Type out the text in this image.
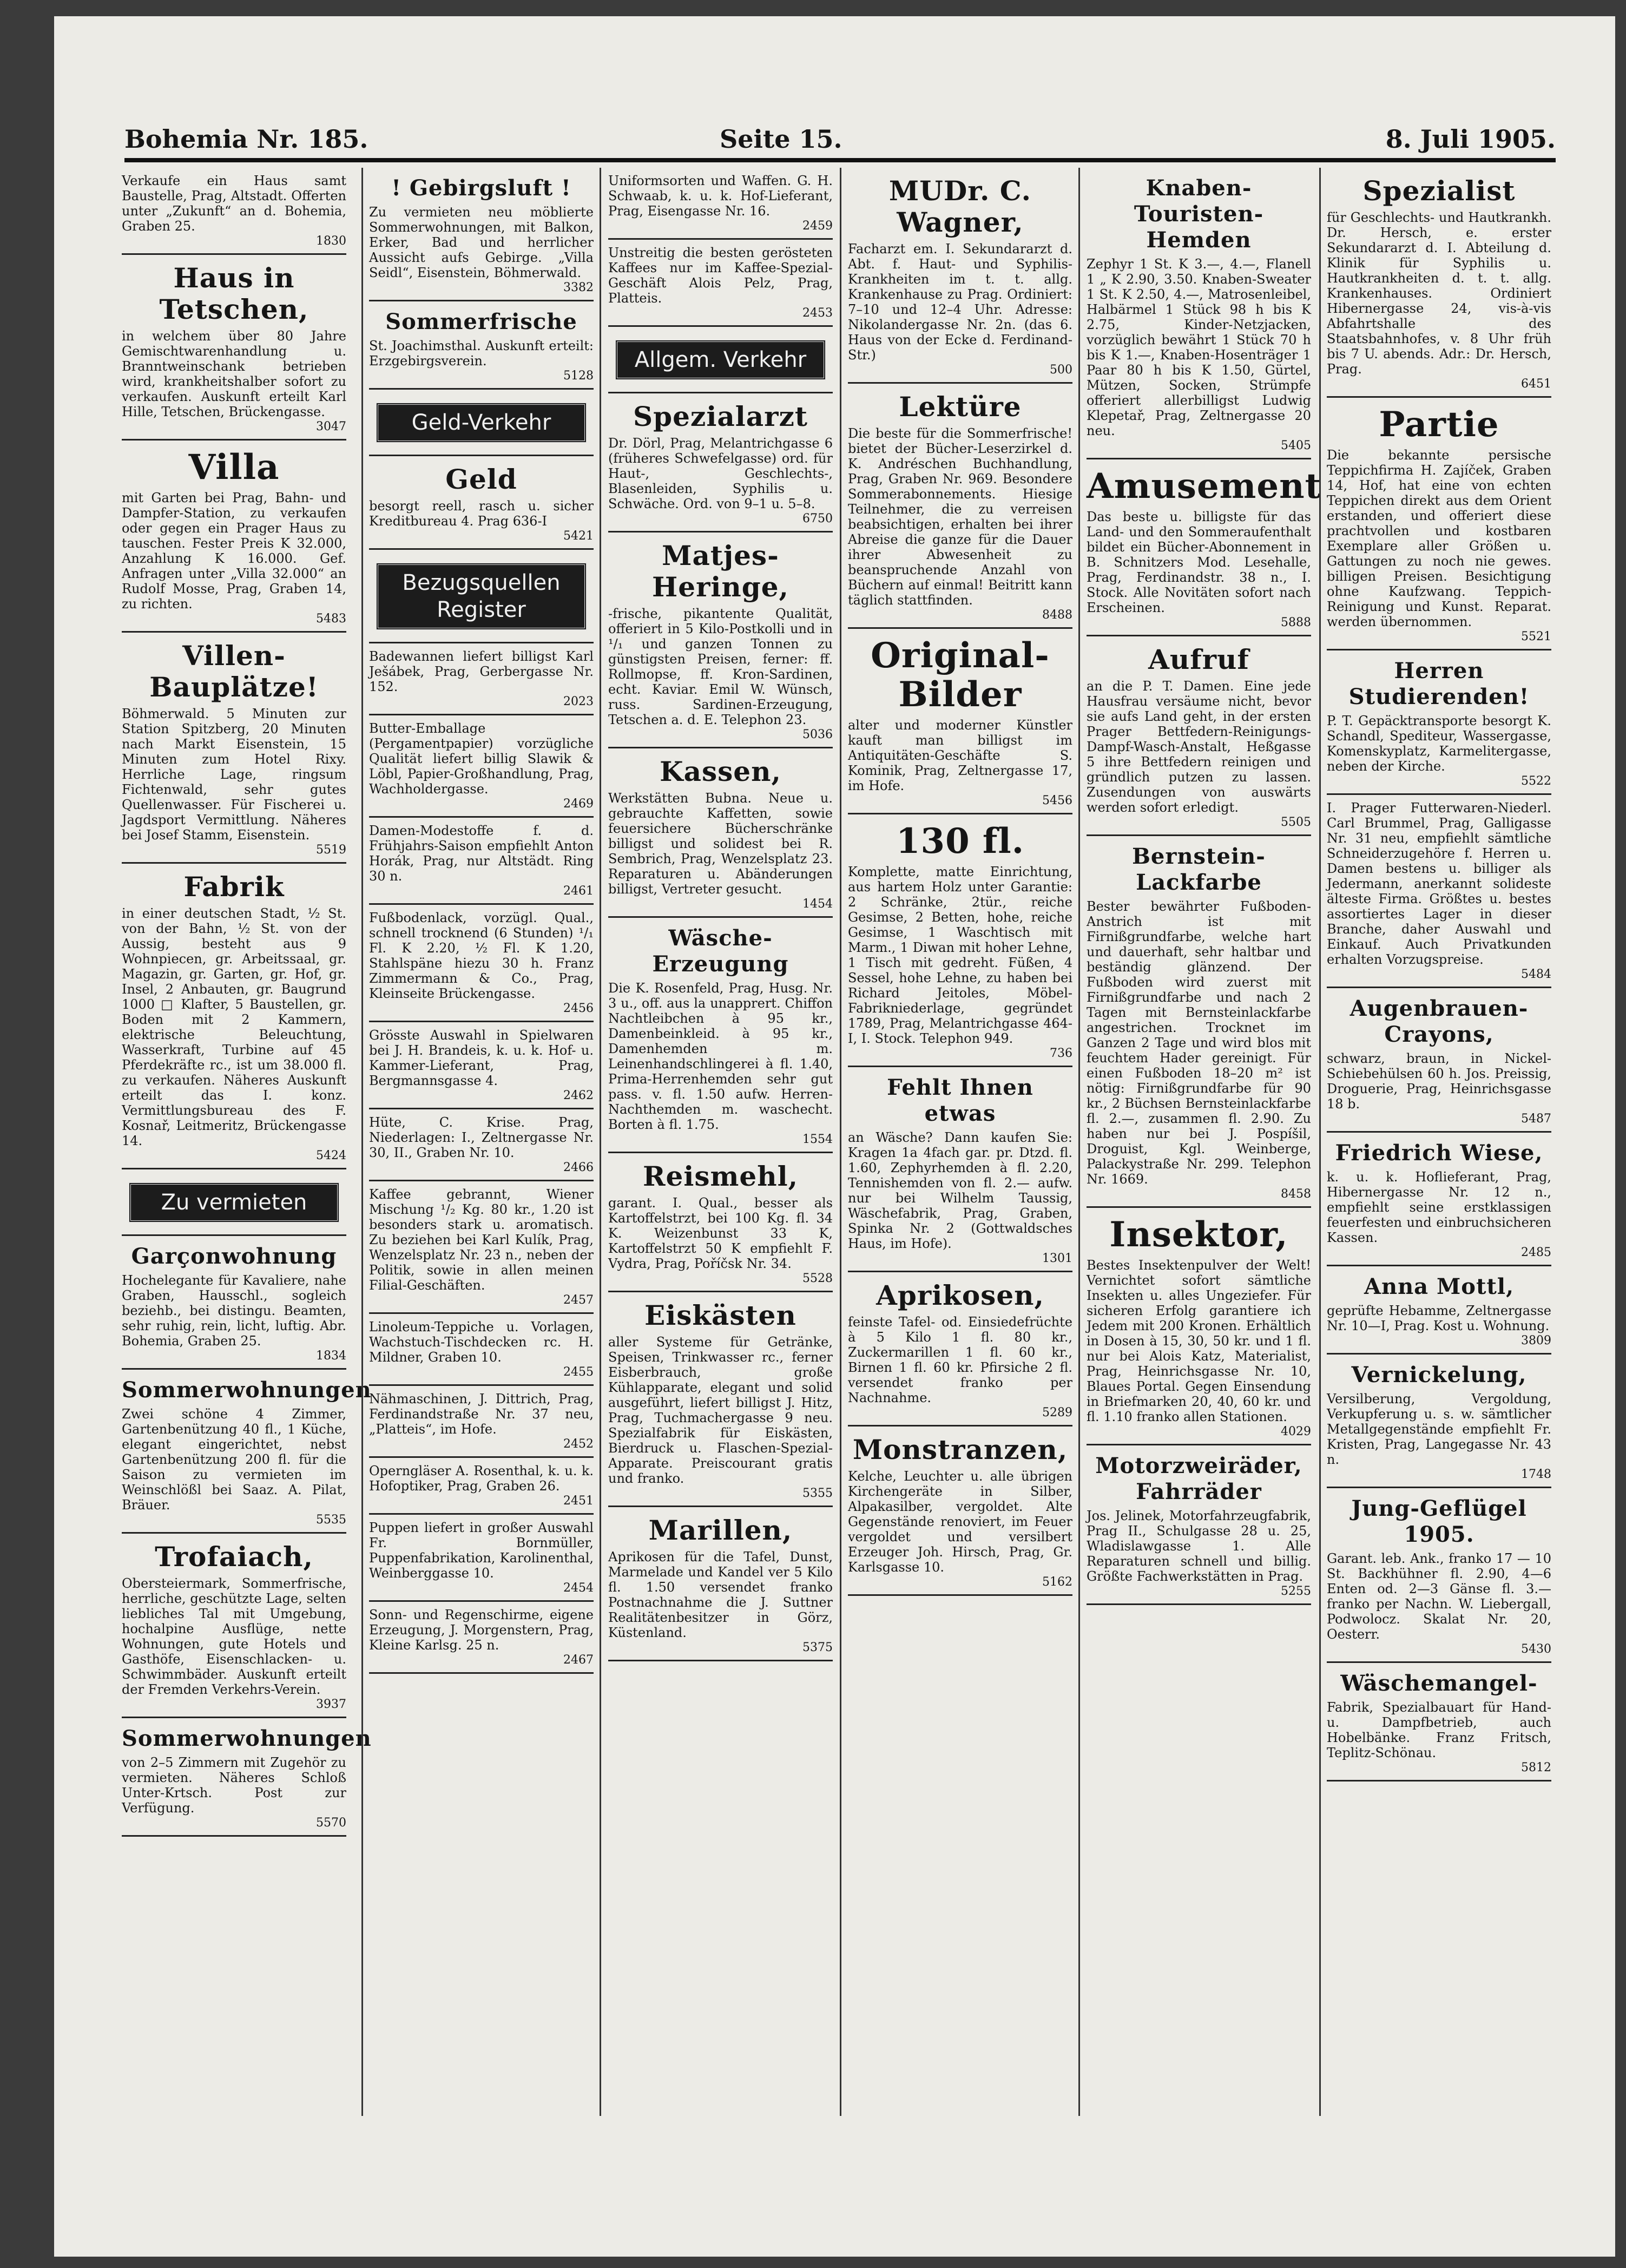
Bohemia Nr. 185.	Seite 15.	8. Juli 1905.
Verkaufe ein Haus samt Baustelle, Prag, Altstadt. Offerten unter „Zukunft“ an d. Bohemia, Graben 25.
1830
Haus in Tetschen,
in welchem über 80 Jahre Gemischtwarenhandlung u. Branntweinschank betrieben wird, krankheitshalber sofort zu verkaufen. Auskunft erteilt Karl Hille, Tetschen, Brückengasse.
3047
Villa
mit Garten bei Prag, Bahn- und Dampfer-Station, zu verkaufen oder gegen ein Prager Haus zu tauschen. Fester Preis K 32.000, Anzahlung K 16.000. Gef. Anfragen unter „Villa 32.000“ an Rudolf Mosse, Prag, Graben 14, zu richten.
5483
Villen-Bauplätze!
Böhmerwald. 5 Minuten zur Station Spitzberg, 20 Minuten nach Markt Eisenstein, 15 Minuten zum Hotel Rixy. Herrliche Lage, ringsum Fichtenwald, sehr gutes Quellenwasser. Für Fischerei u. Jagdsport Vermittlung. Näheres bei Josef Stamm, Eisenstein.
5519
Fabrik
in einer deutschen Stadt, ½ St. von der Bahn, ½ St. von der Aussig, besteht aus 9 Wohnpiecen, gr. Arbeitssaal, gr. Magazin, gr. Garten, gr. Hof, gr. Insel, 2 Anbauten, gr. Baugrund 1000 □ Klafter, 5 Baustellen, gr. Boden mit 2 Kammern, elektrische Beleuchtung, Wasserkraft, Turbine auf 45 Pferdekräfte rc., ist um 38.000 fl. zu verkaufen. Näheres Auskunft erteilt das I. konz. Vermittlungsbureau des F. Kosnař, Leitmeritz, Brückengasse 14.
5424
Zu vermieten
Garçonwohnung
Hochelegante für Kavaliere, nahe Graben, Hausschl., sogleich beziehb., bei distingu. Beamten, sehr ruhig, rein, licht, luftig. Abr. Bohemia, Graben 25.
1834
Sommerwohnungen
Zwei schöne 4 Zimmer, Gartenbenützung 40 fl., 1 Küche, elegant eingerichtet, nebst Gartenbenützung 200 fl. für die Saison zu vermieten im Weinschlößl bei Saaz. A. Pilat, Bräuer.
5535
Trofaiach,
Obersteiermark, Sommerfrische, herrliche, geschützte Lage, selten liebliches Tal mit Umgebung, hochalpine Ausflüge, nette Wohnungen, gute Hotels und Gasthöfe, Eisenschlacken- u. Schwimmbäder. Auskunft erteilt der Fremden Verkehrs-Verein.
3937
Sommerwohnungen
von 2–5 Zimmern mit Zugehör zu vermieten. Näheres Schloß Unter-Krtsch. Post zur Verfügung.
5570
! Gebirgsluft !
Zu vermieten neu möblierte Sommerwohnungen, mit Balkon, Erker, Bad und herrlicher Aussicht aufs Gebirge. „Villa Seidl“, Eisenstein, Böhmerwald.
3382
Sommerfrische
St. Joachimsthal. Auskunft erteilt: Erzgebirgsverein.
5128
Geld-Verkehr
Geld
besorgt reell, rasch u. sicher Kreditbureau 4. Prag 636-I
5421
Bezugsquellen Register
Badewannen liefert billigst Karl Ješábek, Prag, Gerbergasse Nr. 152.
2023
Butter-Emballage (Pergamentpapier) vorzügliche Qualität liefert billig Slawik & Löbl, Papier-Großhandlung, Prag, Wachholdergasse.
2469
Damen-Modestoffe f. d. Frühjahrs-Saison empfiehlt Anton Horák, Prag, nur Altstädt. Ring 30 n.
2461
Fußbodenlack, vorzügl. Qual., schnell trocknend (6 Stunden) ¹/₁ Fl. K 2.20, ½ Fl. K 1.20, Stahlspäne hiezu 30 h. Franz Zimmermann & Co., Prag, Kleinseite Brückengasse.
2456
Grösste Auswahl in Spielwaren bei J. H. Brandeis, k. u. k. Hof- u. Kammer-Lieferant, Prag, Bergmannsgasse 4.
2462
Hüte, C. Krise. Prag, Niederlagen: I., Zeltnergasse Nr. 30, II., Graben Nr. 10.
2466
Kaffee gebrannt, Wiener Mischung ¹/₂ Kg. 80 kr., 1.20 ist besonders stark u. aromatisch. Zu beziehen bei Karl Kulík, Prag, Wenzelsplatz Nr. 23 n., neben der Politik, sowie in allen meinen Filial-Geschäften.
2457
Linoleum-Teppiche u. Vorlagen, Wachstuch-Tischdecken rc. H. Mildner, Graben 10.
2455
Nähmaschinen, J. Dittrich, Prag, Ferdinandstraße Nr. 37 neu, „Platteis“, im Hofe.
2452
Operngläser A. Rosenthal, k. u. k. Hofoptiker, Prag, Graben 26.
2451
Puppen liefert in großer Auswahl Fr. Bornmüller, Puppenfabrikation, Karolinenthal, Weinberggasse 10.
2454
Sonn- und Regenschirme, eigene Erzeugung, J. Morgenstern, Prag, Kleine Karlsg. 25 n.
2467
Uniformsorten und Waffen. G. H. Schwaab, k. u. k. Hof-Lieferant, Prag, Eisengasse Nr. 16.
2459
Unstreitig die besten gerösteten Kaffees nur im Kaffee-Spezial-Geschäft Alois Pelz, Prag, Platteis.
2453
Allgem. Verkehr
Spezialarzt
Dr. Dörl, Prag, Melantrichgasse 6 (früheres Schwefelgasse) ord. für Haut-, Geschlechts-, Blasenleiden, Syphilis u. Schwäche. Ord. von 9–1 u. 5–8.
6750
Matjes-Heringe,
-frische, pikantente Qualität, offeriert in 5 Kilo-Postkolli und in ¹/₁ und ganzen Tonnen zu günstigsten Preisen, ferner: ff. Rollmopse, ff. Kron-Sardinen, echt. Kaviar. Emil W. Wünsch, russ. Sardinen-Erzeugung, Tetschen a. d. E. Telephon 23.
5036
Kassen,
Werkstätten Bubna. Neue u. gebrauchte Kaffetten, sowie feuersichere Bücherschränke billigst und solidest bei R. Sembrich, Prag, Wenzelsplatz 23. Reparaturen u. Abänderungen billigst, Vertreter gesucht.
1454
Wäsche-Erzeugung
Die K. Rosenfeld, Prag, Husg. Nr. 3 u., off. aus la unapprert. Chiffon Nachtleibchen à 95 kr., Damenbeinkleid. à 95 kr., Damenhemden m. Leinenhandschlingerei à fl. 1.40, Prima-Herrenhemden sehr gut pass. v. fl. 1.50 aufw. Herren-Nachthemden m. waschecht. Borten à fl. 1.75.
1554
Reismehl,
garant. I. Qual., besser als Kartoffelstrzt, bei 100 Kg. fl. 34 K. Weizenbunst 33 K, Kartoffelstrzt 50 K empfiehlt F. Vydra, Prag, Poříčsk Nr. 34.
5528
Eiskästen
aller Systeme für Getränke, Speisen, Trinkwasser rc., ferner Eisberbrauch, große Kühlapparate, elegant und solid ausgeführt, liefert billigst J. Hitz, Prag, Tuchmachergasse 9 neu. Spezialfabrik für Eiskästen, Bierdruck u. Flaschen-Spezial-Apparate. Preiscourant gratis und franko.
5355
Marillen,
Aprikosen für die Tafel, Dunst, Marmelade und Kandel ver 5 Kilo fl. 1.50 versendet franko Postnachnahme die J. Suttner Realitätenbesitzer in Görz, Küstenland.
5375
MUDr. C. Wagner,
Facharzt em. I. Sekundararzt d. Abt. f. Haut- und Syphilis-Krankheiten im t. t. allg. Krankenhause zu Prag. Ordiniert: 7–10 und 12–4 Uhr. Adresse: Nikolandergasse Nr. 2n. (das 6. Haus von der Ecke d. Ferdinand-Str.)
500
Lektüre
Die beste für die Sommerfrische! bietet der Bücher-Leserzirkel d. K. Andréschen Buchhandlung, Prag, Graben Nr. 969. Besondere Sommerabonnements. Hiesige Teilnehmer, die zu verreisen beabsichtigen, erhalten bei ihrer Abreise die ganze für die Dauer ihrer Abwesenheit zu beanspruchende Anzahl von Büchern auf einmal! Beitritt kann täglich stattfinden.
8488
Original-Bilder
alter und moderner Künstler kauft man billigst im Antiquitäten-Geschäfte S. Kominik, Prag, Zeltnergasse 17, im Hofe.
5456
130 fl.
Komplette, matte Einrichtung, aus hartem Holz unter Garantie: 2 Schränke, 2tür., reiche Gesimse, 2 Betten, hohe, reiche Gesimse, 1 Waschtisch mit Marm., 1 Diwan mit hoher Lehne, 1 Tisch mit gedreht. Füßen, 4 Sessel, hohe Lehne, zu haben bei Richard Jeitoles, Möbel-Fabrikniederlage, gegründet 1789, Prag, Melantrichgasse 464-I, I. Stock. Telephon 949.
736
Fehlt Ihnen etwas
an Wäsche? Dann kaufen Sie: Kragen 1a 4fach gar. pr. Dtzd. fl. 1.60, Zephyrhemden à fl. 2.20, Tennishemden von fl. 2.— aufw. nur bei Wilhelm Taussig, Wäschefabrik, Prag, Graben, Spinka Nr. 2 (Gottwaldsches Haus, im Hofe).
1301
Aprikosen,
feinste Tafel- od. Einsiedefrüchte à 5 Kilo 1 fl. 80 kr., Zuckermarillen 1 fl. 60 kr., Birnen 1 fl. 60 kr. Pfirsiche 2 fl. versendet franko per Nachnahme.
5289
Monstranzen,
Kelche, Leuchter u. alle übrigen Kirchengeräte in Silber, Alpakasilber, vergoldet. Alte Gegenstände renoviert, im Feuer vergoldet und versilbert Erzeuger Joh. Hirsch, Prag, Gr. Karlsgasse 10.
5162
Knaben-Touristen-Hemden
Zephyr 1 St. K 3.—, 4.—, Flanell 1 „ K 2.90, 3.50. Knaben-Sweater 1 St. K 2.50, 4.—, Matrosenleibel, Halbärmel 1 Stück 98 h bis K 2.75, Kinder-Netzjacken, vorzüglich bewährt 1 Stück 70 h bis K 1.—, Knaben-Hosenträger 1 Paar 80 h bis K 1.50, Gürtel, Mützen, Socken, Strümpfe offeriert allerbilligst Ludwig Klepetař, Prag, Zeltnergasse 20 neu.
5405
Amusement
Das beste u. billigste für das Land- und den Sommeraufenthalt bildet ein Bücher-Abonnement in B. Schnitzers Mod. Lesehalle, Prag, Ferdinandstr. 38 n., I. Stock. Alle Novitäten sofort nach Erscheinen.
5888
Aufruf
an die P. T. Damen. Eine jede Hausfrau versäume nicht, bevor sie aufs Land geht, in der ersten Prager Bettfedern-Reinigungs-Dampf-Wasch-Anstalt, Heßgasse 5 ihre Bettfedern reinigen und gründlich putzen zu lassen. Zusendungen von auswärts werden sofort erledigt.
5505
Bernstein-Lackfarbe
Bester bewährter Fußboden-Anstrich ist mit Firnißgrundfarbe, welche hart und dauerhaft, sehr haltbar und beständig glänzend. Der Fußboden wird zuerst mit Firnißgrundfarbe und nach 2 Tagen mit Bernsteinlackfarbe angestrichen. Trocknet im Ganzen 2 Tage und wird blos mit feuchtem Hader gereinigt. Für einen Fußboden 18–20 m² ist nötig: Firnißgrundfarbe für 90 kr., 2 Büchsen Bernsteinlackfarbe fl. 2.—, zusammen fl. 2.90. Zu haben nur bei J. Pospíšil, Droguist, Kgl. Weinberge, Palackystraße Nr. 299. Telephon Nr. 1669.
8458
Insektor,
Bestes Insektenpulver der Welt! Vernichtet sofort sämtliche Insekten u. alles Ungeziefer. Für sicheren Erfolg garantiere ich Jedem mit 200 Kronen. Erhältlich in Dosen à 15, 30, 50 kr. und 1 fl. nur bei Alois Katz, Materialist, Prag, Heinrichsgasse Nr. 10, Blaues Portal. Gegen Einsendung in Briefmarken 20, 40, 60 kr. und fl. 1.10 franko allen Stationen.
4029
Motorzweiräder, Fahrräder
Jos. Jelinek, Motorfahrzeugfabrik, Prag II., Schulgasse 28 u. 25, Wladislawgasse 1. Alle Reparaturen schnell und billig. Größte Fachwerkstätten in Prag.
5255
Spezialist
für Geschlechts- und Hautkrankh. Dr. Hersch, e. erster Sekundararzt d. I. Abteilung d. Klinik für Syphilis u. Hautkrankheiten d. t. t. allg. Krankenhauses. Ordiniert Hibernergasse 24, vis-à-vis Abfahrtshalle des Staatsbahnhofes, v. 8 Uhr früh bis 7 U. abends. Adr.: Dr. Hersch, Prag.
6451
Partie
Die bekannte persische Teppichfirma H. Zajíček, Graben 14, Hof, hat eine von echten Teppichen direkt aus dem Orient erstanden, und offeriert diese prachtvollen und kostbaren Exemplare aller Größen u. Gattungen zu noch nie gewes. billigen Preisen. Besichtigung ohne Kaufzwang. Teppich-Reinigung und Kunst. Reparat. werden übernommen.
5521
Herren Studierenden!
P. T. Gepäcktransporte besorgt K. Schandl, Spediteur, Wassergasse, Komenskyplatz, Karmelitergasse, neben der Kirche.
5522
I. Prager Futterwaren-Niederl. Carl Brummel, Prag, Galligasse Nr. 31 neu, empfiehlt sämtliche Schneiderzugehöre f. Herren u. Damen bestens u. billiger als Jedermann, anerkannt solideste älteste Firma. Größtes u. bestes assortiertes Lager in dieser Branche, daher Auswahl und Einkauf. Auch Privatkunden erhalten Vorzugspreise.
5484
Augenbrauen-Crayons,
schwarz, braun, in Nickel-Schiebehülsen 60 h. Jos. Preissig, Droguerie, Prag, Heinrichsgasse 18 b.
5487
Friedrich Wiese,
k. u. k. Hoflieferant, Prag, Hibernergasse Nr. 12 n., empfiehlt seine erstklassigen feuerfesten und einbruchsicheren Kassen.
2485
Anna Mottl,
geprüfte Hebamme, Zeltnergasse Nr. 10—I, Prag. Kost u. Wohnung.
3809
Vernickelung,
Versilberung, Vergoldung, Verkupferung u. s. w. sämtlicher Metallgegenstände empfiehlt Fr. Kristen, Prag, Langegasse Nr. 43 n.
1748
Jung-Geflügel 1905.
Garant. leb. Ank., franko 17 — 10 St. Backhühner fl. 2.90, 4—6 Enten od. 2—3 Gänse fl. 3.— franko per Nachn. W. Liebergall, Podwolocz. Skalat Nr. 20, Oesterr.
5430
Wäschemangel-
Fabrik, Spezialbauart für Hand- u. Dampfbetrieb, auch Hobelbänke. Franz Fritsch, Teplitz-Schönau.
5812
